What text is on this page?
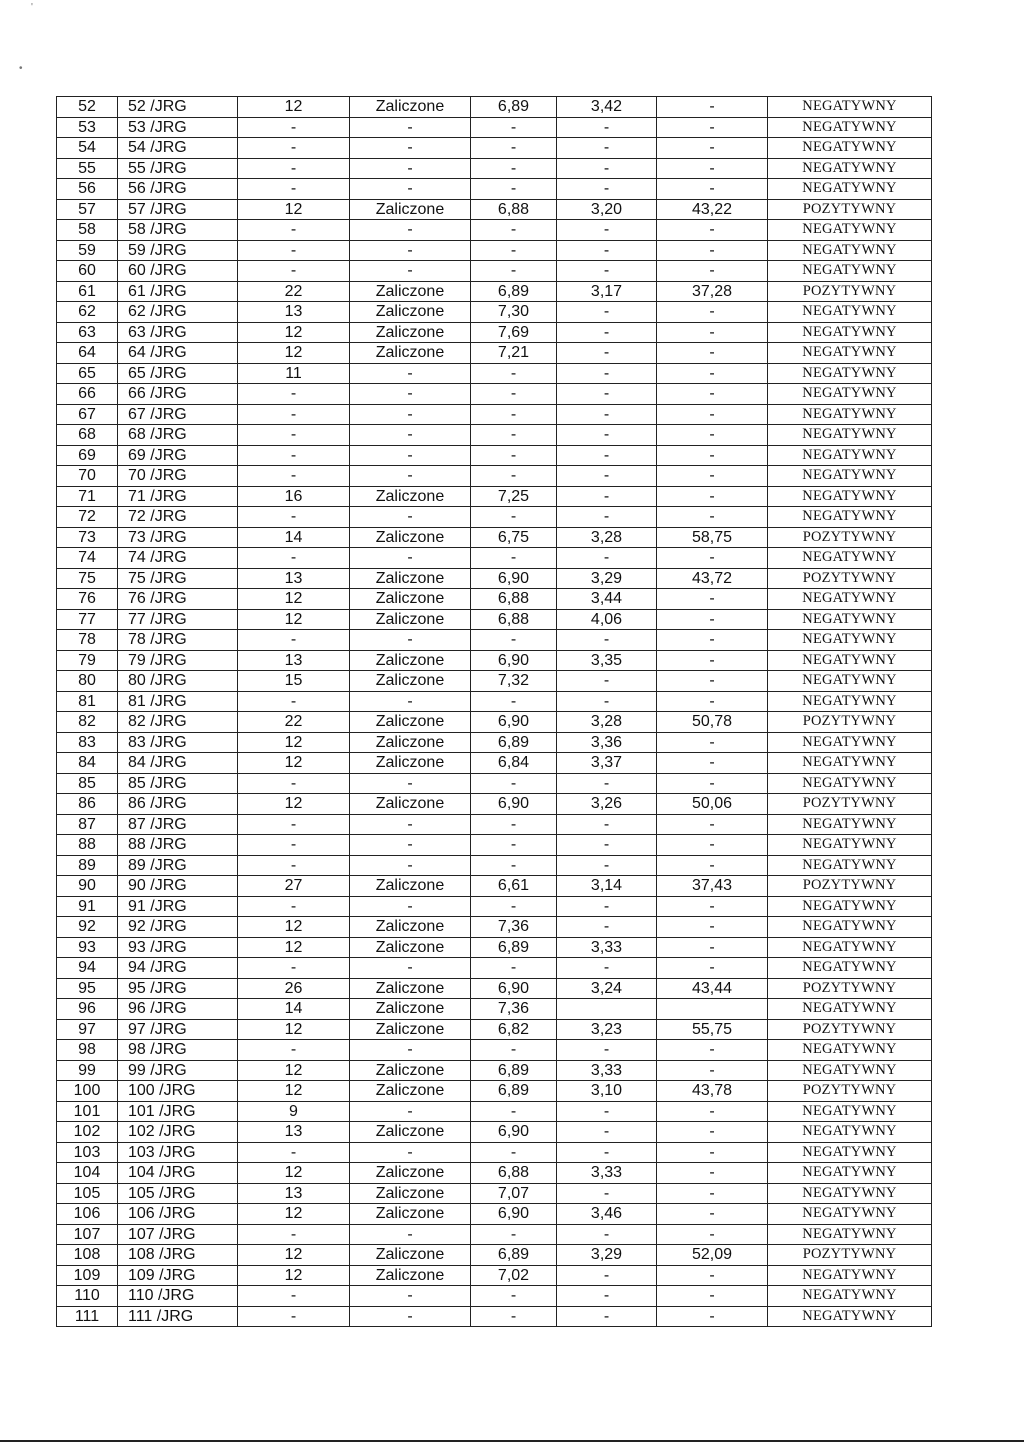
'
•
52	52 /JRG	12	Zaliczone	6,89	3,42	-	NEGATYWNY
53	53 /JRG	-	-	-	-	-	NEGATYWNY
54	54 /JRG	-	-	-	-	-	NEGATYWNY
55	55 /JRG	-	-	-	-	-	NEGATYWNY
56	56 /JRG	-	-	-	-	-	NEGATYWNY
57	57 /JRG	12	Zaliczone	6,88	3,20	43,22	POZYTYWNY
58	58 /JRG	-	-	-	-	-	NEGATYWNY
59	59 /JRG	-	-	-	-	-	NEGATYWNY
60	60 /JRG	-	-	-	-	-	NEGATYWNY
61	61 /JRG	22	Zaliczone	6,89	3,17	37,28	POZYTYWNY
62	62 /JRG	13	Zaliczone	7,30	-	-	NEGATYWNY
63	63 /JRG	12	Zaliczone	7,69	-	-	NEGATYWNY
64	64 /JRG	12	Zaliczone	7,21	-	-	NEGATYWNY
65	65 /JRG	11	-	-	-	-	NEGATYWNY
66	66 /JRG	-	-	-	-	-	NEGATYWNY
67	67 /JRG	-	-	-	-	-	NEGATYWNY
68	68 /JRG	-	-	-	-	-	NEGATYWNY
69	69 /JRG	-	-	-	-	-	NEGATYWNY
70	70 /JRG	-	-	-	-	-	NEGATYWNY
71	71 /JRG	16	Zaliczone	7,25	-	-	NEGATYWNY
72	72 /JRG	-	-	-	-	-	NEGATYWNY
73	73 /JRG	14	Zaliczone	6,75	3,28	58,75	POZYTYWNY
74	74 /JRG	-	-	-	-	-	NEGATYWNY
75	75 /JRG	13	Zaliczone	6,90	3,29	43,72	POZYTYWNY
76	76 /JRG	12	Zaliczone	6,88	3,44	-	NEGATYWNY
77	77 /JRG	12	Zaliczone	6,88	4,06	-	NEGATYWNY
78	78 /JRG	-	-	-	-	-	NEGATYWNY
79	79 /JRG	13	Zaliczone	6,90	3,35	-	NEGATYWNY
80	80 /JRG	15	Zaliczone	7,32	-	-	NEGATYWNY
81	81 /JRG	-	-	-	-	-	NEGATYWNY
82	82 /JRG	22	Zaliczone	6,90	3,28	50,78	POZYTYWNY
83	83 /JRG	12	Zaliczone	6,89	3,36	-	NEGATYWNY
84	84 /JRG	12	Zaliczone	6,84	3,37	-	NEGATYWNY
85	85 /JRG	-	-	-	-	-	NEGATYWNY
86	86 /JRG	12	Zaliczone	6,90	3,26	50,06	POZYTYWNY
87	87 /JRG	-	-	-	-	-	NEGATYWNY
88	88 /JRG	-	-	-	-	-	NEGATYWNY
89	89 /JRG	-	-	-	-	-	NEGATYWNY
90	90 /JRG	27	Zaliczone	6,61	3,14	37,43	POZYTYWNY
91	91 /JRG	-	-	-	-	-	NEGATYWNY
92	92 /JRG	12	Zaliczone	7,36	-	-	NEGATYWNY
93	93 /JRG	12	Zaliczone	6,89	3,33	-	NEGATYWNY
94	94 /JRG	-	-	-	-	-	NEGATYWNY
95	95 /JRG	26	Zaliczone	6,90	3,24	43,44	POZYTYWNY
96	96 /JRG	14	Zaliczone	7,36			NEGATYWNY
97	97 /JRG	12	Zaliczone	6,82	3,23	55,75	POZYTYWNY
98	98 /JRG	-	-	-	-	-	NEGATYWNY
99	99 /JRG	12	Zaliczone	6,89	3,33	-	NEGATYWNY
100	100 /JRG	12	Zaliczone	6,89	3,10	43,78	POZYTYWNY
101	101 /JRG	9	-	-	-	-	NEGATYWNY
102	102 /JRG	13	Zaliczone	6,90	-	-	NEGATYWNY
103	103 /JRG	-	-	-	-	-	NEGATYWNY
104	104 /JRG	12	Zaliczone	6,88	3,33	-	NEGATYWNY
105	105 /JRG	13	Zaliczone	7,07	-	-	NEGATYWNY
106	106 /JRG	12	Zaliczone	6,90	3,46	-	NEGATYWNY
107	107 /JRG	-	-	-	-	-	NEGATYWNY
108	108 /JRG	12	Zaliczone	6,89	3,29	52,09	POZYTYWNY
109	109 /JRG	12	Zaliczone	7,02	-	-	NEGATYWNY
110	110 /JRG	-	-	-	-	-	NEGATYWNY
111	111 /JRG	-	-	-	-	-	NEGATYWNY
